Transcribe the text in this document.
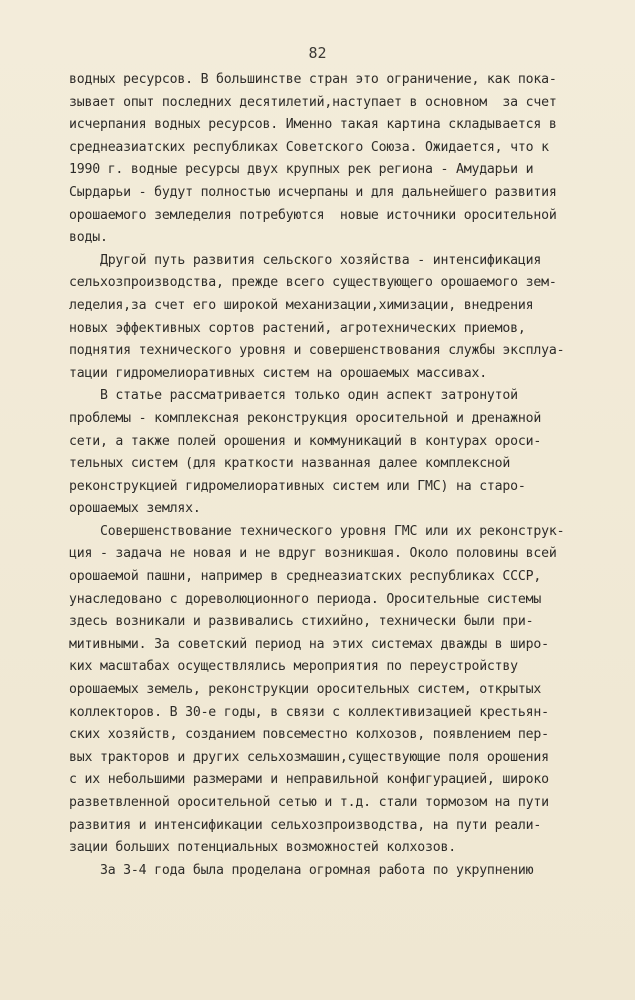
82

водных ресурсов. В большинстве стран это ограничение, как пока-
зывает опыт последних десятилетий,наступает в основном  за счет
исчерпания водных ресурсов. Именно такая картина складывается в
среднеазиатских республиках Советского Союза. Ожидается, что к
1990 г. водные ресурсы двух крупных рек региона - Амударьи и
Сырдарьи - будут полностью исчерпаны и для дальнейшего развития
орошаемого земледелия потребуются  новые источники оросительной
воды.
Другой путь развития сельского хозяйства - интенсификация
сельхозпроизводства, прежде всего существующего орошаемого зем-
леделия,за счет его широкой механизации,химизации, внедрения
новых эффективных сортов растений, агротехнических приемов,
поднятия технического уровня и совершенствования службы эксплуа-
тации гидромелиоративных систем на орошаемых массивах.
В статье рассматривается только один аспект затронутой
проблемы - комплексная реконструкция оросительной и дренажной
сети, а также полей орошения и коммуникаций в контурах ороси-
тельных систем (для краткости названная далее комплексной
реконструкцией гидромелиоративных систем или ГМС) на старо-
орошаемых землях.
Совершенствование технического уровня ГМС или их реконструк-
ция - задача не новая и не вдруг возникшая. Около половины всей
орошаемой пашни, например в среднеазиатских республиках СССР,
унаследовано с дореволюционного периода. Оросительные системы
здесь возникали и развивались стихийно, технически были при-
митивными. За советский период на этих системах дважды в широ-
ких масштабах осуществлялись мероприятия по переустройству
орошаемых земель, реконструкции оросительных систем, открытых
коллекторов. В 30-е годы, в связи с коллективизацией крестьян-
ских хозяйств, созданием повсеместно колхозов, появлением пер-
вых тракторов и других сельхозмашин,существующие поля орошения
с их небольшими размерами и неправильной конфигурацией, широко
разветвленной оросительной сетью и т.д. стали тормозом на пути
развития и интенсификации сельхозпроизводства, на пути реали-
зации больших потенциальных возможностей колхозов.
За 3-4 года была проделана огромная работа по укрупнению
